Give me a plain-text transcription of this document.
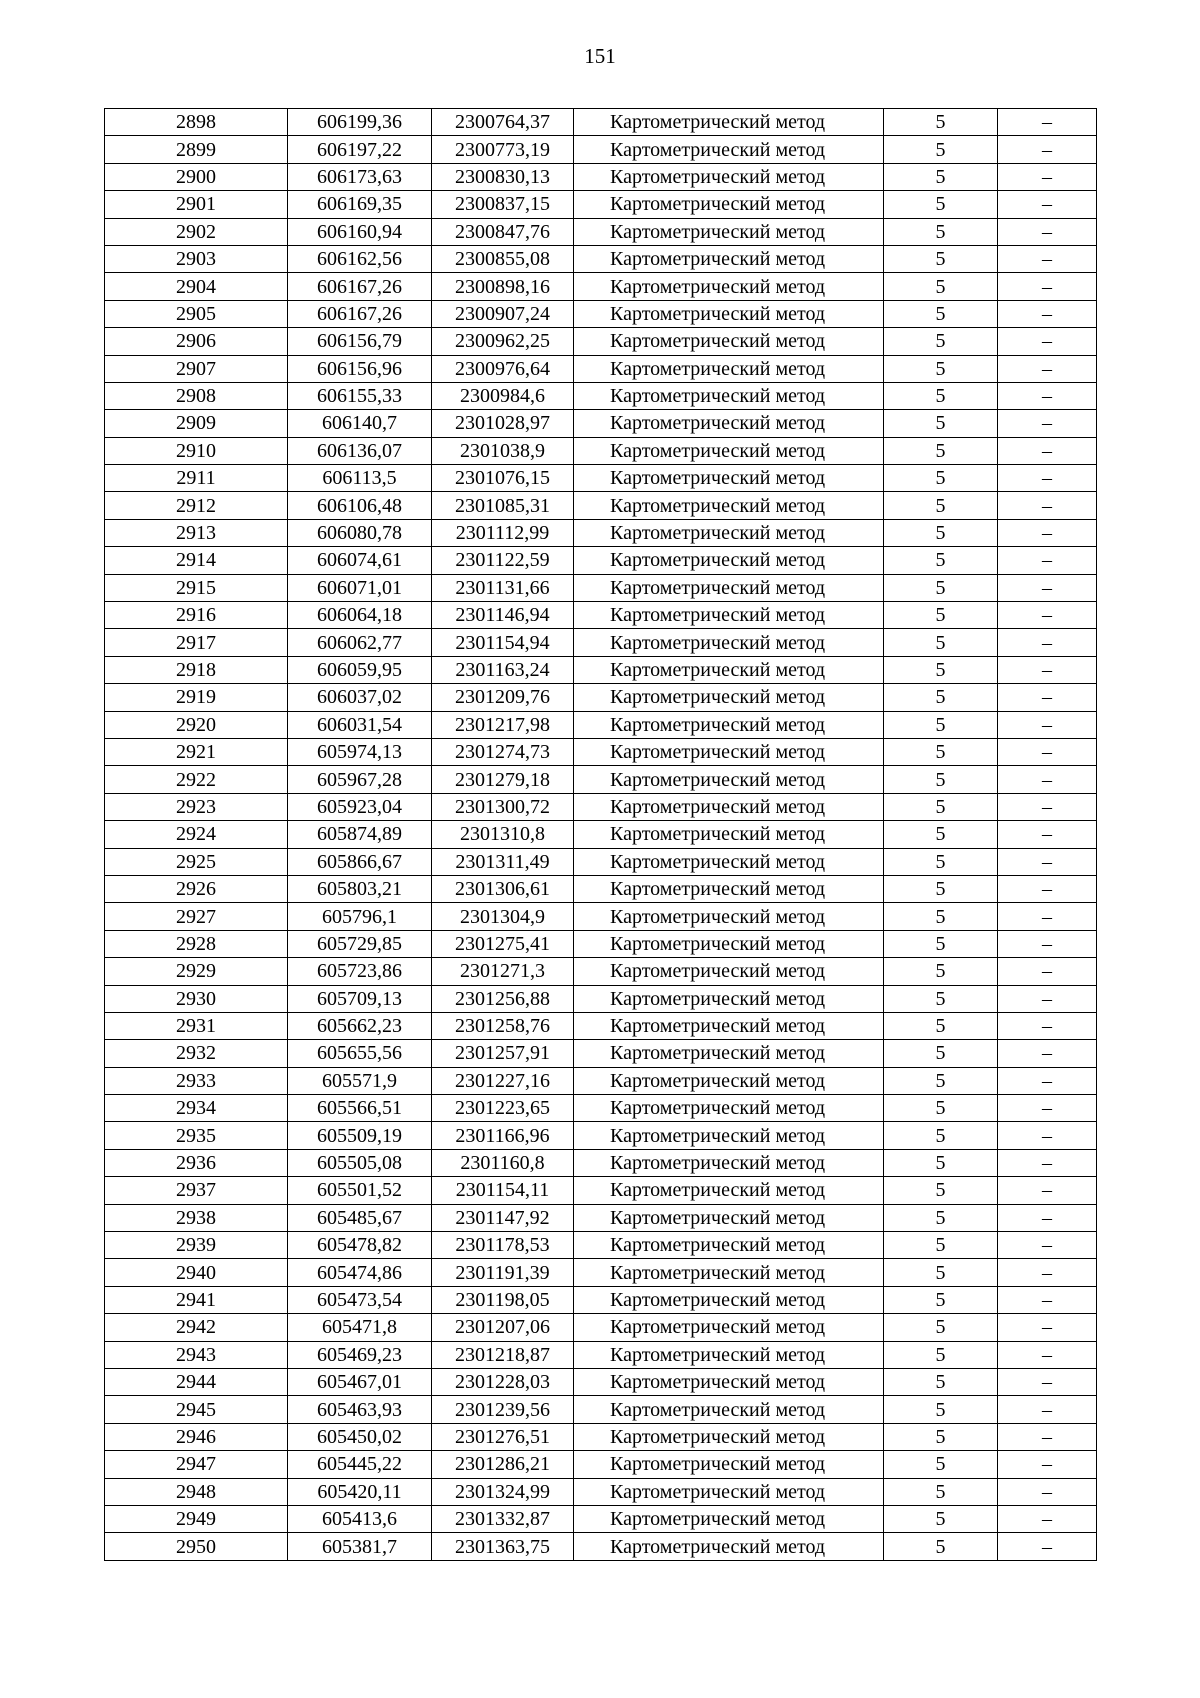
151
2898	606199,36	2300764,37	Картометрический метод	5	–
2899	606197,22	2300773,19	Картометрический метод	5	–
2900	606173,63	2300830,13	Картометрический метод	5	–
2901	606169,35	2300837,15	Картометрический метод	5	–
2902	606160,94	2300847,76	Картометрический метод	5	–
2903	606162,56	2300855,08	Картометрический метод	5	–
2904	606167,26	2300898,16	Картометрический метод	5	–
2905	606167,26	2300907,24	Картометрический метод	5	–
2906	606156,79	2300962,25	Картометрический метод	5	–
2907	606156,96	2300976,64	Картометрический метод	5	–
2908	606155,33	2300984,6	Картометрический метод	5	–
2909	606140,7	2301028,97	Картометрический метод	5	–
2910	606136,07	2301038,9	Картометрический метод	5	–
2911	606113,5	2301076,15	Картометрический метод	5	–
2912	606106,48	2301085,31	Картометрический метод	5	–
2913	606080,78	2301112,99	Картометрический метод	5	–
2914	606074,61	2301122,59	Картометрический метод	5	–
2915	606071,01	2301131,66	Картометрический метод	5	–
2916	606064,18	2301146,94	Картометрический метод	5	–
2917	606062,77	2301154,94	Картометрический метод	5	–
2918	606059,95	2301163,24	Картометрический метод	5	–
2919	606037,02	2301209,76	Картометрический метод	5	–
2920	606031,54	2301217,98	Картометрический метод	5	–
2921	605974,13	2301274,73	Картометрический метод	5	–
2922	605967,28	2301279,18	Картометрический метод	5	–
2923	605923,04	2301300,72	Картометрический метод	5	–
2924	605874,89	2301310,8	Картометрический метод	5	–
2925	605866,67	2301311,49	Картометрический метод	5	–
2926	605803,21	2301306,61	Картометрический метод	5	–
2927	605796,1	2301304,9	Картометрический метод	5	–
2928	605729,85	2301275,41	Картометрический метод	5	–
2929	605723,86	2301271,3	Картометрический метод	5	–
2930	605709,13	2301256,88	Картометрический метод	5	–
2931	605662,23	2301258,76	Картометрический метод	5	–
2932	605655,56	2301257,91	Картометрический метод	5	–
2933	605571,9	2301227,16	Картометрический метод	5	–
2934	605566,51	2301223,65	Картометрический метод	5	–
2935	605509,19	2301166,96	Картометрический метод	5	–
2936	605505,08	2301160,8	Картометрический метод	5	–
2937	605501,52	2301154,11	Картометрический метод	5	–
2938	605485,67	2301147,92	Картометрический метод	5	–
2939	605478,82	2301178,53	Картометрический метод	5	–
2940	605474,86	2301191,39	Картометрический метод	5	–
2941	605473,54	2301198,05	Картометрический метод	5	–
2942	605471,8	2301207,06	Картометрический метод	5	–
2943	605469,23	2301218,87	Картометрический метод	5	–
2944	605467,01	2301228,03	Картометрический метод	5	–
2945	605463,93	2301239,56	Картометрический метод	5	–
2946	605450,02	2301276,51	Картометрический метод	5	–
2947	605445,22	2301286,21	Картометрический метод	5	–
2948	605420,11	2301324,99	Картометрический метод	5	–
2949	605413,6	2301332,87	Картометрический метод	5	–
2950	605381,7	2301363,75	Картометрический метод	5	–
